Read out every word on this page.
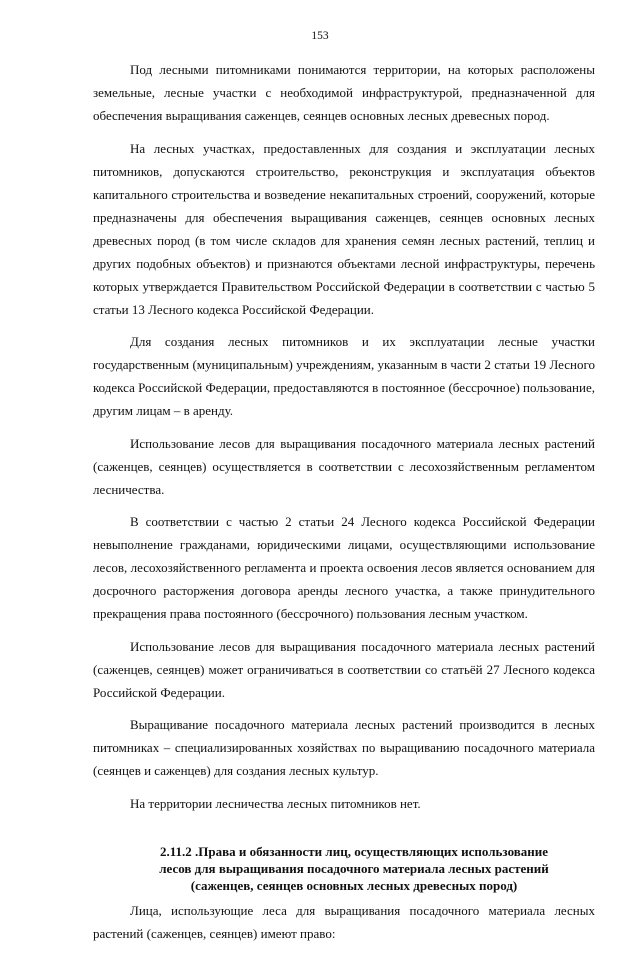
153

Под лесными питомниками понимаются территории, на которых расположены земельные, лесные участки с необходимой инфраструктурой, предназначенной для обеспечения выращивания саженцев, сеянцев основных лесных древесных пород.

На лесных участках, предоставленных для создания и эксплуатации лесных питомников, допускаются строительство, реконструкция и эксплуатация объектов капитального строительства и возведение некапитальных строений, сооружений, которые предназначены для обеспечения выращивания саженцев, сеянцев основных лесных древесных пород (в том числе складов для хранения семян лесных растений, теплиц и других подобных объектов) и признаются объектами лесной инфраструктуры, перечень которых утверждается Правительством Российской Федерации в соответствии с частью 5 статьи 13 Лесного кодекса Российской Федерации.

Для создания лесных питомников и их эксплуатации лесные участки государственным (муниципальным) учреждениям, указанным в части 2 статьи 19 Лесного кодекса Российской Федерации, предоставляются в постоянное (бессрочное) пользование, другим лицам – в аренду.

Использование лесов для выращивания посадочного материала лесных растений (саженцев, сеянцев) осуществляется в соответствии с лесохозяйственным регламентом лесничества.

В соответствии с частью 2 статьи 24 Лесного кодекса Российской Федерации невыполнение гражданами, юридическими лицами, осуществляющими использование лесов, лесохозяйственного регламента и проекта освоения лесов является основанием для досрочного расторжения договора аренды лесного участка, а также принудительного прекращения права постоянного (бессрочного) пользования лесным участком.

Использование лесов для выращивания посадочного материала лесных растений (саженцев, сеянцев) может ограничиваться в соответствии со статьёй 27 Лесного кодекса Российской Федерации.

Выращивание посадочного материала лесных растений производится в лесных питомниках – специализированных хозяйствах по выращиванию посадочного материала (сеянцев и саженцев) для создания лесных культур.

На территории лесничества лесных питомников нет.

2.11.2 .Права и обязанности лиц, осуществляющих использование
лесов для выращивания посадочного материала лесных растений
(саженцев, сеянцев основных лесных древесных пород)

Лица, использующие леса для выращивания посадочного материала лесных растений (саженцев, сеянцев) имеют право:
